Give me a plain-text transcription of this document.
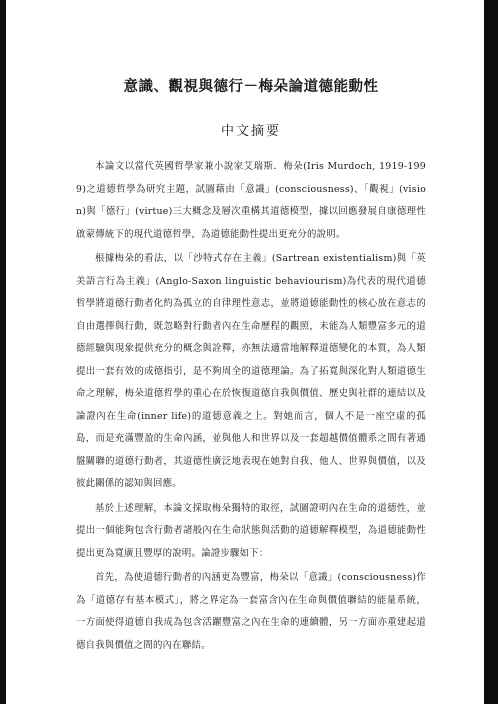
意識、觀視與德行－梅朵論道德能動性
中文摘要

本論文以當代英國哲學家兼小說家艾瑞斯．梅朵(Iris Murdoch, 1919-1999)之道德哲學為研究主題，試圖藉由「意識」(consciousness)、「觀視」(vision)與「德行」(virtue)三大概念及層次重構其道德模型，據以回應發展自康德理性啟蒙傳統下的現代道德哲學，為道德能動性提出更充分的說明。

根據梅朵的看法，以「沙特式存在主義」(Sartrean existentialism)與「英美語言行為主義」(Anglo-Saxon linguistic behaviourism)為代表的現代道德哲學將道德行動者化約為孤立的自律理性意志，並將道德能動性的核心放在意志的自由選擇與行動，既忽略對行動者內在生命歷程的觀照，未能為人類豐富多元的道德經驗與現象提供充分的概念與詮釋，亦無法適當地解釋道德變化的本質，為人類提出一套有效的成德指引，是不夠周全的道德理論。為了拓寬與深化對人類道德生命之理解，梅朵道德哲學的重心在於恢復道德自我與價值、歷史與社群的連結以及論證內在生命(inner life)的道德意義之上。對她而言，個人不是一座空虛的孤島，而是充滿豐盈的生命內涵，並與他人和世界以及一套超越價值體系之間有著通盤關聯的道德行動者，其道德性廣泛地表現在她對自我、他人、世界與價值，以及彼此關係的認知與回應。

基於上述理解，本論文採取梅朵獨特的取徑，試圖證明內在生命的道德性，並提出一個能夠包含行動者諸般內在生命狀態與活動的道德解釋模型，為道德能動性提出更為寬廣且豐厚的說明。論證步驟如下：

首先，為使道德行動者的內涵更為豐富，梅朵以「意識」(consciousness)作為「道德存有基本模式」，將之界定為一套富含內在生命與價值聯結的能量系統，一方面使得道德自我成為包含活躍豐富之內在生命的連續體，另一方面亦重建起道德自我與價值之間的內在聯結。
